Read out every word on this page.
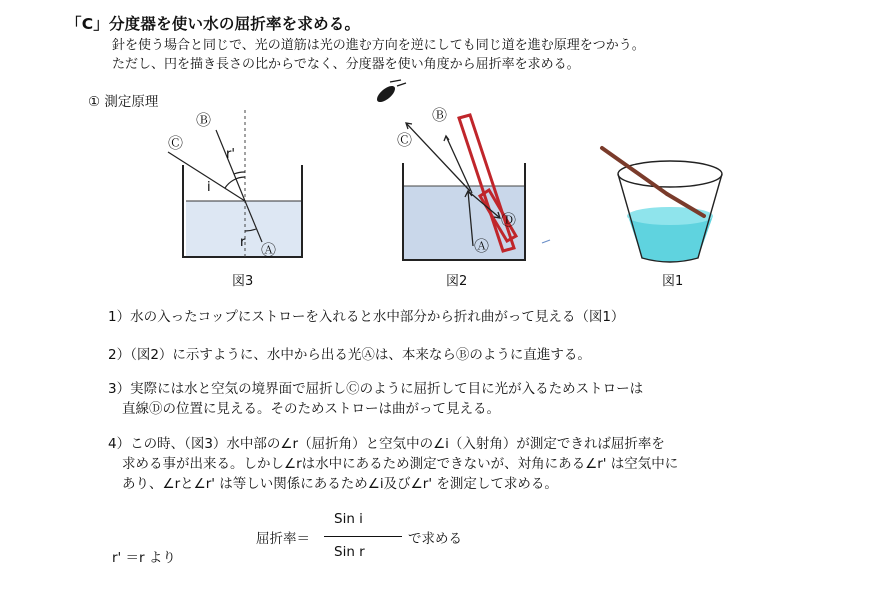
「C」分度器を使い水の屈折率を求める。
針を使う場合と同じで、光の道筋は光の進む方向を逆にしても同じ道を進む原理をつかう。
ただし、円を描き長さの比からでなく、分度器を使い角度から屈折率を求める。
① 測定原理
Ⓑ
Ⓒ
r'
i
r Ⓐ
図3
Ⓑ
Ⓒ
Ⓓ
Ⓐ
図2	図1
1）水の入ったコップにストローを入れると水中部分から折れ曲がって見える（図1）
2）（図2）に示すように、水中から出る光Ⓐは、本来ならⒷのように直進する。
3）実際には水と空気の境界面で屈折しⒸのように屈折して目に光が入るためストローは
直線Ⓓの位置に見える。そのためストローは曲がって見える。
4）この時、（図3）水中部の∠r（屈折角）と空気中の∠i（入射角）が測定できれば屈折率を
求める事が出来る。しかし∠rは水中にあるため測定できないが、対角にある∠r' は空気中に
あり、∠rと∠r' は等しい関係にあるため∠i及び∠r' を測定して求める。
屈折率＝
Sin i
Sin r
で求める
r' ＝r より
